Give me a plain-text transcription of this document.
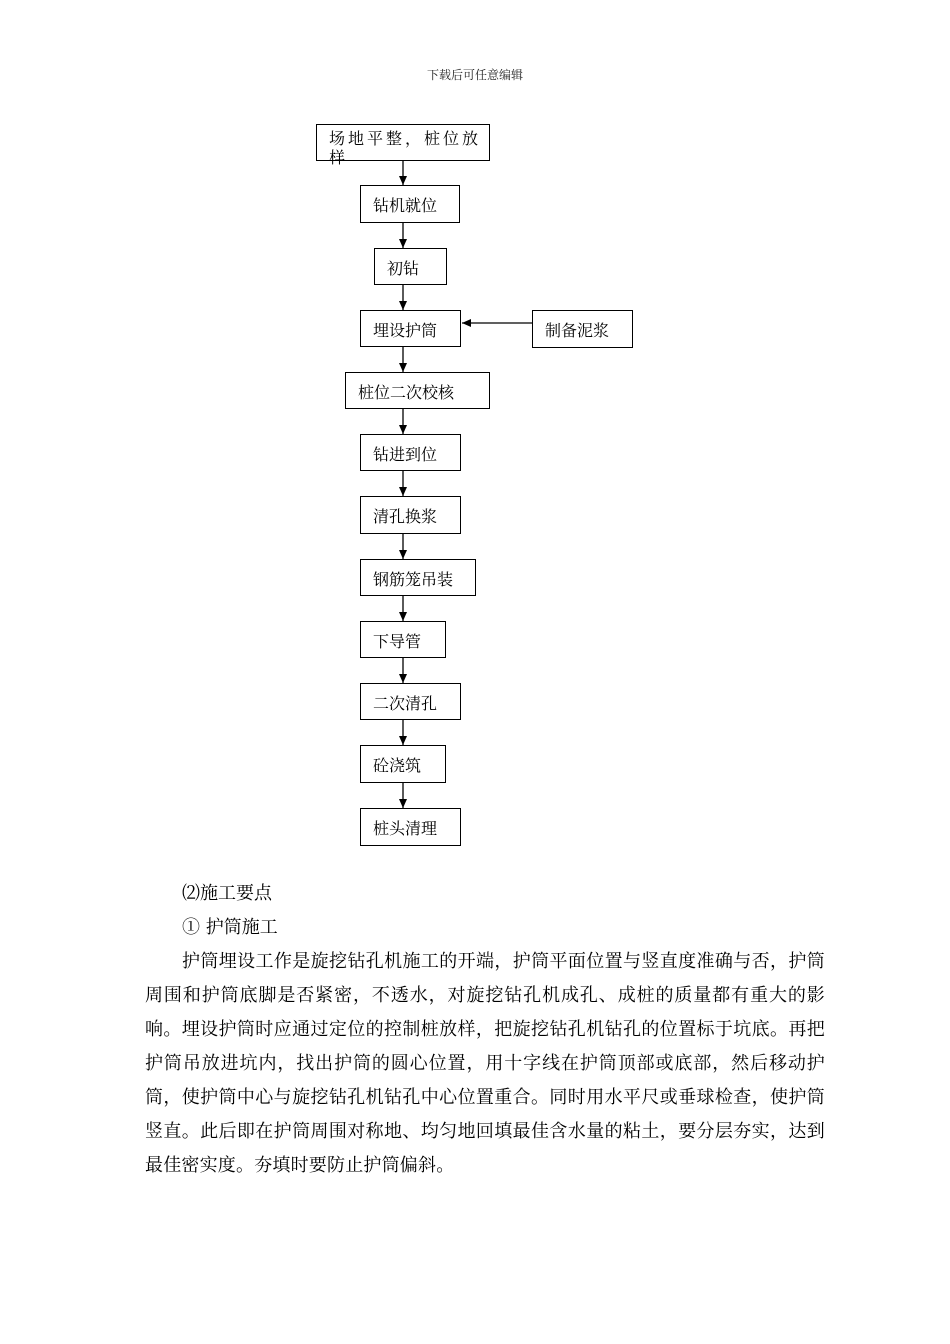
下载后可任意编辑
场地平整，桩位放样
钻机就位
初钻
埋设护筒	制备泥浆
桩位二次校核
钻进到位
清孔换浆
钢筋笼吊装
下导管
二次清孔
砼浇筑
桩头清理
⑵施工要点
① 护筒施工
护筒埋设工作是旋挖钻孔机施工的开端，护筒平面位置与竖直度准确与否，护筒周围和护筒底脚是否紧密，不透水，对旋挖钻孔机成孔、成桩的质量都有重大的影响。埋设护筒时应通过定位的控制桩放样，把旋挖钻孔机钻孔的位置标于坑底。再把护筒吊放进坑内，找出护筒的圆心位置，用十字线在护筒顶部或底部，然后移动护筒，使护筒中心与旋挖钻孔机钻孔中心位置重合。同时用水平尺或垂球检查，使护筒竖直。此后即在护筒周围对称地、均匀地回填最佳含水量的粘土，要分层夯实，达到最佳密实度。夯填时要防止护筒偏斜。
